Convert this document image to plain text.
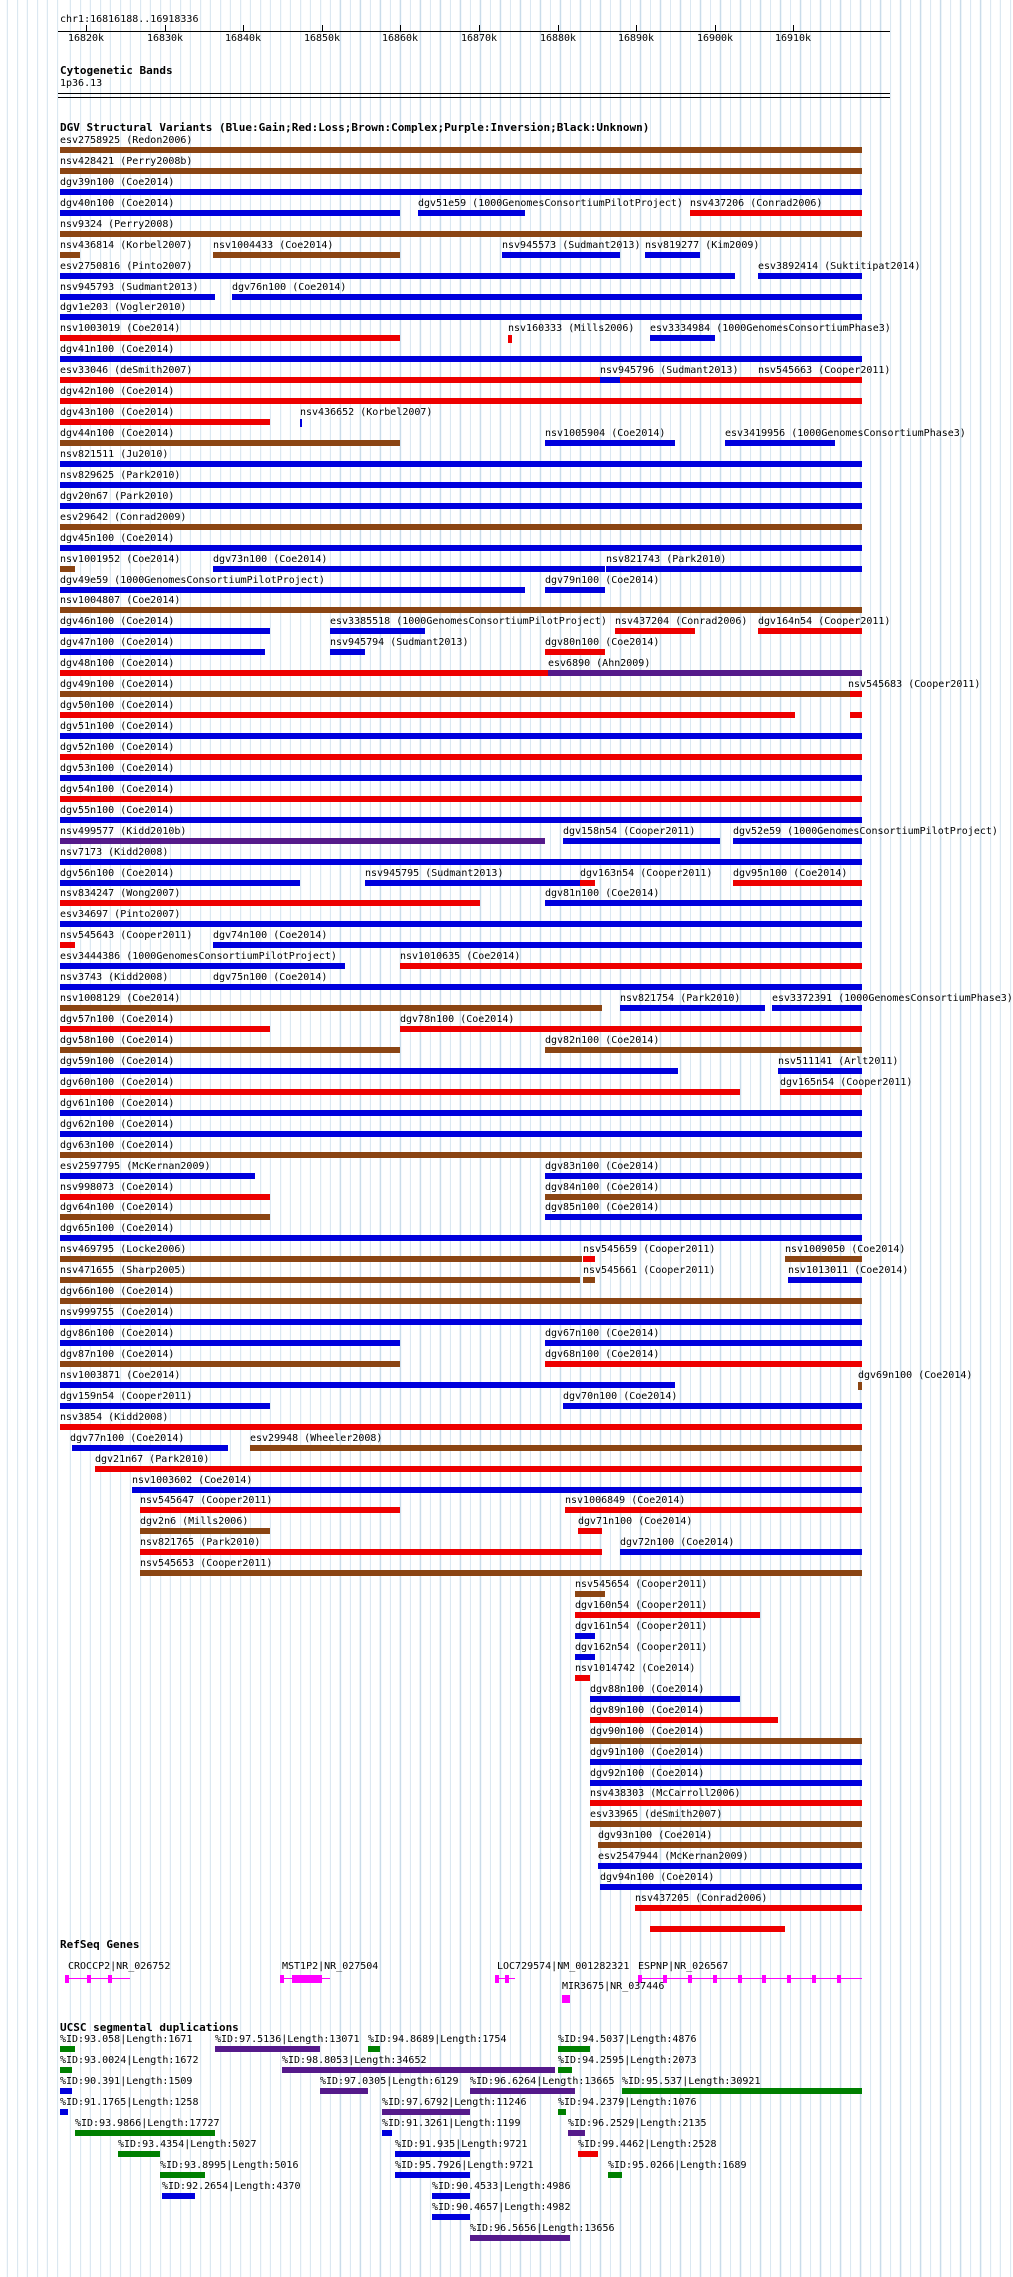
chr1:16816188..16918336
16820k	16830k	16840k	16850k	16860k	16870k	16880k	16890k	16900k	16910k
Cytogenetic Bands
1p36.13
DGV Structural Variants (Blue:Gain;Red:Loss;Brown:Complex;Purple:Inversion;Black:Unknown)
esv2758925 (Redon2006)
nsv428421 (Perry2008b)
dgv39n100 (Coe2014)
dgv40n100 (Coe2014)	dgv51e59 (1000GenomesConsortiumPilotProject) nsv437206 (Conrad2006)
nsv9324 (Perry2008)
nsv436814 (Korbel2007) nsv1004433 (Coe2014)	nsv945573 (Sudmant2013) nsv819277 (Kim2009)
esv2750816 (Pinto2007)	esv3892414 (Suktitipat2014)
nsv945793 (Sudmant2013)	dgv76n100 (Coe2014)
dgv1e203 (Vogler2010)
nsv1003019 (Coe2014)	nsv160333 (Mills2006) esv3334984 (1000GenomesConsortiumPhase3)
dgv41n100 (Coe2014)
esv33046 (deSmith2007)	nsv945796 (Sudmant2013) nsv545663 (Cooper2011)
dgv42n100 (Coe2014)
dgv43n100 (Coe2014)	nsv436652 (Korbel2007)
dgv44n100 (Coe2014)	nsv1005904 (Coe2014)	esv3419956 (1000GenomesConsortiumPhase3)
nsv821511 (Ju2010)
nsv829625 (Park2010)
dgv20n67 (Park2010)
esv29642 (Conrad2009)
dgv45n100 (Coe2014)
nsv1001952 (Coe2014)	dgv73n100 (Coe2014)	nsv821743 (Park2010)
dgv49e59 (1000GenomesConsortiumPilotProject)	dgv79n100 (Coe2014)
nsv1004807 (Coe2014)
dgv46n100 (Coe2014)	esv3385518 (1000GenomesConsortiumPilotProject) nsv437204 (Conrad2006) dgv164n54 (Cooper2011)
dgv47n100 (Coe2014)	nsv945794 (Sudmant2013)	dgv80n100 (Coe2014)
dgv48n100 (Coe2014)	esv6890 (Ahn2009)
dgv49n100 (Coe2014)	nsv545683 (Cooper2011)
dgv50n100 (Coe2014)
dgv51n100 (Coe2014)
dgv52n100 (Coe2014)
dgv53n100 (Coe2014)
dgv54n100 (Coe2014)
dgv55n100 (Coe2014)
nsv499577 (Kidd2010b)	dgv158n54 (Cooper2011)	dgv52e59 (1000GenomesConsortiumPilotProject)
nsv7173 (Kidd2008)
dgv56n100 (Coe2014)	nsv945795 (Sudmant2013)	dgv163n54 (Cooper2011) dgv95n100 (Coe2014)
nsv834247 (Wong2007)	dgv81n100 (Coe2014)
esv34697 (Pinto2007)
nsv545643 (Cooper2011) dgv74n100 (Coe2014)
esv3444386 (1000GenomesConsortiumPilotProject)	nsv1010635 (Coe2014)
nsv3743 (Kidd2008)	dgv75n100 (Coe2014)
nsv1008129 (Coe2014)	nsv821754 (Park2010)	esv3372391 (1000GenomesConsortiumPhase3)
dgv57n100 (Coe2014)	dgv78n100 (Coe2014)
dgv58n100 (Coe2014)	dgv82n100 (Coe2014)
dgv59n100 (Coe2014)	nsv511141 (Arlt2011)
dgv60n100 (Coe2014)	dgv165n54 (Cooper2011)
dgv61n100 (Coe2014)
dgv62n100 (Coe2014)
dgv63n100 (Coe2014)
esv2597795 (McKernan2009)	dgv83n100 (Coe2014)
nsv998073 (Coe2014)	dgv84n100 (Coe2014)
dgv64n100 (Coe2014)	dgv85n100 (Coe2014)
dgv65n100 (Coe2014)
nsv469795 (Locke2006)	nsv545659 (Cooper2011)	nsv1009050 (Coe2014)
nsv471655 (Sharp2005)	nsv545661 (Cooper2011)	nsv1013011 (Coe2014)
dgv66n100 (Coe2014)
nsv999755 (Coe2014)
dgv86n100 (Coe2014)	dgv67n100 (Coe2014)
dgv87n100 (Coe2014)	dgv68n100 (Coe2014)
nsv1003871 (Coe2014)	dgv69n100 (Coe2014)
dgv159n54 (Cooper2011)	dgv70n100 (Coe2014)
nsv3854 (Kidd2008)
dgv77n100 (Coe2014)	esv29948 (Wheeler2008)
dgv21n67 (Park2010)
nsv1003602 (Coe2014)
nsv545647 (Cooper2011)	nsv1006849 (Coe2014)
dgv2n6 (Mills2006)	dgv71n100 (Coe2014)
nsv821765 (Park2010)	dgv72n100 (Coe2014)
nsv545653 (Cooper2011)
nsv545654 (Cooper2011)
dgv160n54 (Cooper2011)
dgv161n54 (Cooper2011)
dgv162n54 (Cooper2011)
nsv1014742 (Coe2014)
dgv88n100 (Coe2014)
dgv89n100 (Coe2014)
dgv90n100 (Coe2014)
dgv91n100 (Coe2014)
dgv92n100 (Coe2014)
nsv438303 (McCarroll2006)
esv33965 (deSmith2007)
dgv93n100 (Coe2014)
esv2547944 (McKernan2009)
dgv94n100 (Coe2014)
nsv437205 (Conrad2006)
RefSeq Genes
CROCCP2|NR_026752	MST1P2|NR_027504	LOC729574|NM_001282321 ESPNP|NR_026567
MIR3675|NR_037446
UCSC segmental duplications
%ID:93.058|Length:1671 %ID:97.5136|Length:13071 %ID:94.8689|Length:1754	%ID:94.5037|Length:4876
%ID:93.0024|Length:1672	%ID:98.8053|Length:34652	%ID:94.2595|Length:2073
%ID:90.391|Length:1509	%ID:97.0305|Length:6129 %ID:96.6264|Length:13665 %ID:95.537|Length:30921
%ID:91.1765|Length:1258	%ID:97.6792|Length:11246	%ID:94.2379|Length:1076
%ID:93.9866|Length:17727	%ID:91.3261|Length:1199	%ID:96.2529|Length:2135
%ID:93.4354|Length:5027	%ID:91.935|Length:9721	%ID:99.4462|Length:2528
%ID:93.8995|Length:5016	%ID:95.7926|Length:9721	%ID:95.0266|Length:1689
%ID:92.2654|Length:4370	%ID:90.4533|Length:4986
%ID:90.4657|Length:4982
%ID:96.5656|Length:13656
